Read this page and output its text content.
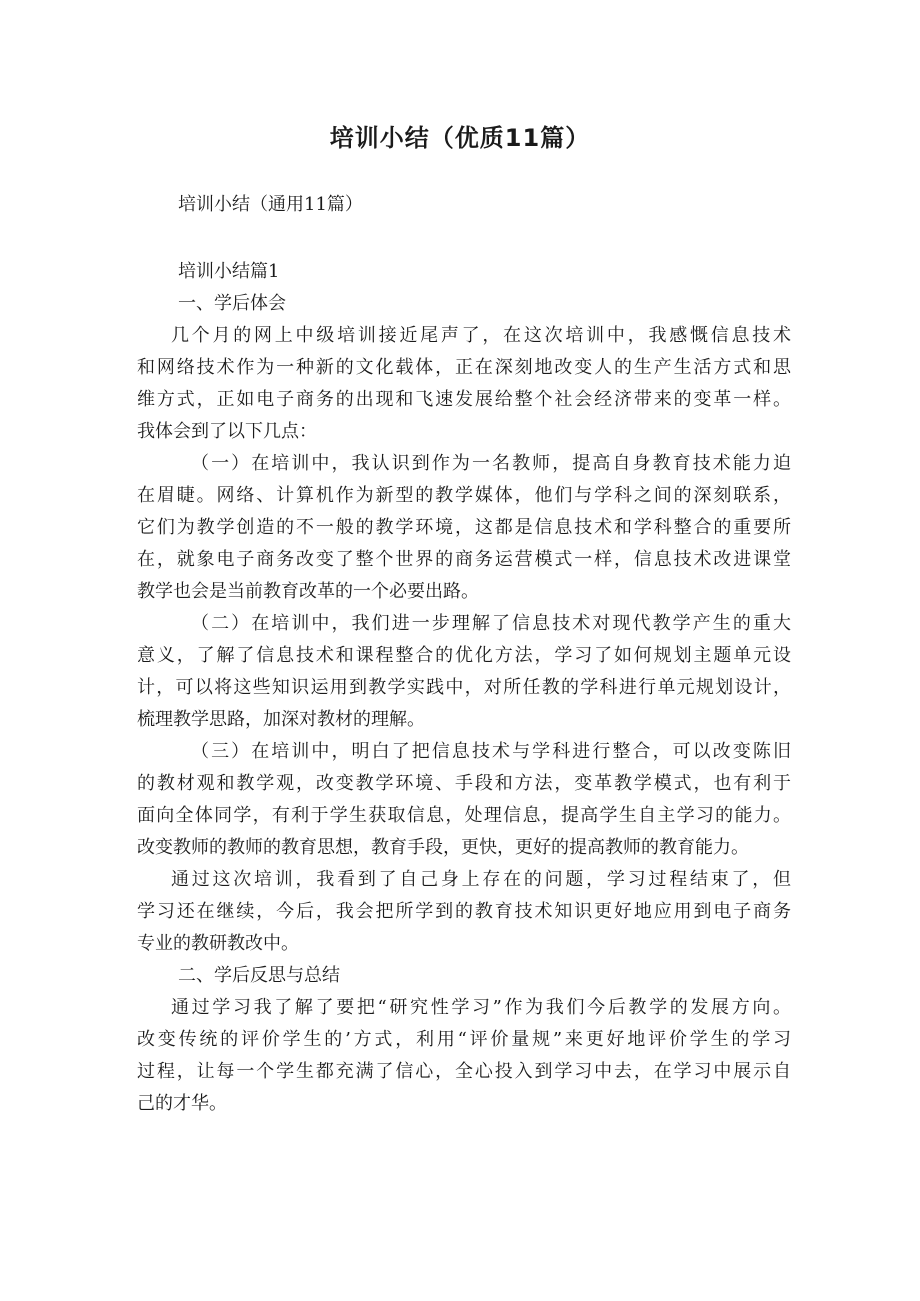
培训小结（优质11篇）
培训小结（通用11篇）

培训小结篇1

一、学后体会

几个月的网上中级培训接近尾声了，在这次培训中，我感慨信息技术

和网络技术作为一种新的文化载体，正在深刻地改变人的生产生活方式和思

维方式，正如电子商务的出现和飞速发展给整个社会经济带来的变革一样。

我体会到了以下几点：

（一）在培训中，我认识到作为一名教师，提高自身教育技术能力迫

在眉睫。网络、计算机作为新型的教学媒体，他们与学科之间的深刻联系，

它们为教学创造的不一般的教学环境，这都是信息技术和学科整合的重要所

在，就象电子商务改变了整个世界的商务运营模式一样，信息技术改进课堂

教学也会是当前教育改革的一个必要出路。

（二）在培训中，我们进一步理解了信息技术对现代教学产生的重大

意义，了解了信息技术和课程整合的优化方法，学习了如何规划主题单元设

计，可以将这些知识运用到教学实践中，对所任教的学科进行单元规划设计，

梳理教学思路，加深对教材的理解。

（三）在培训中，明白了把信息技术与学科进行整合，可以改变陈旧

的教材观和教学观，改变教学环境、手段和方法，变革教学模式，也有利于

面向全体同学，有利于学生获取信息，处理信息，提高学生自主学习的能力。

改变教师的教师的教育思想，教育手段，更快，更好的提高教师的教育能力。

通过这次培训，我看到了自己身上存在的问题，学习过程结束了，但

学习还在继续，今后，我会把所学到的教育技术知识更好地应用到电子商务

专业的教研教改中。

二、学后反思与总结

通过学习我了解了要把“研究性学习”作为我们今后教学的发展方向。

改变传统的评价学生的’方式，利用“评价量规”来更好地评价学生的学习

过程，让每一个学生都充满了信心，全心投入到学习中去，在学习中展示自

己的才华。
